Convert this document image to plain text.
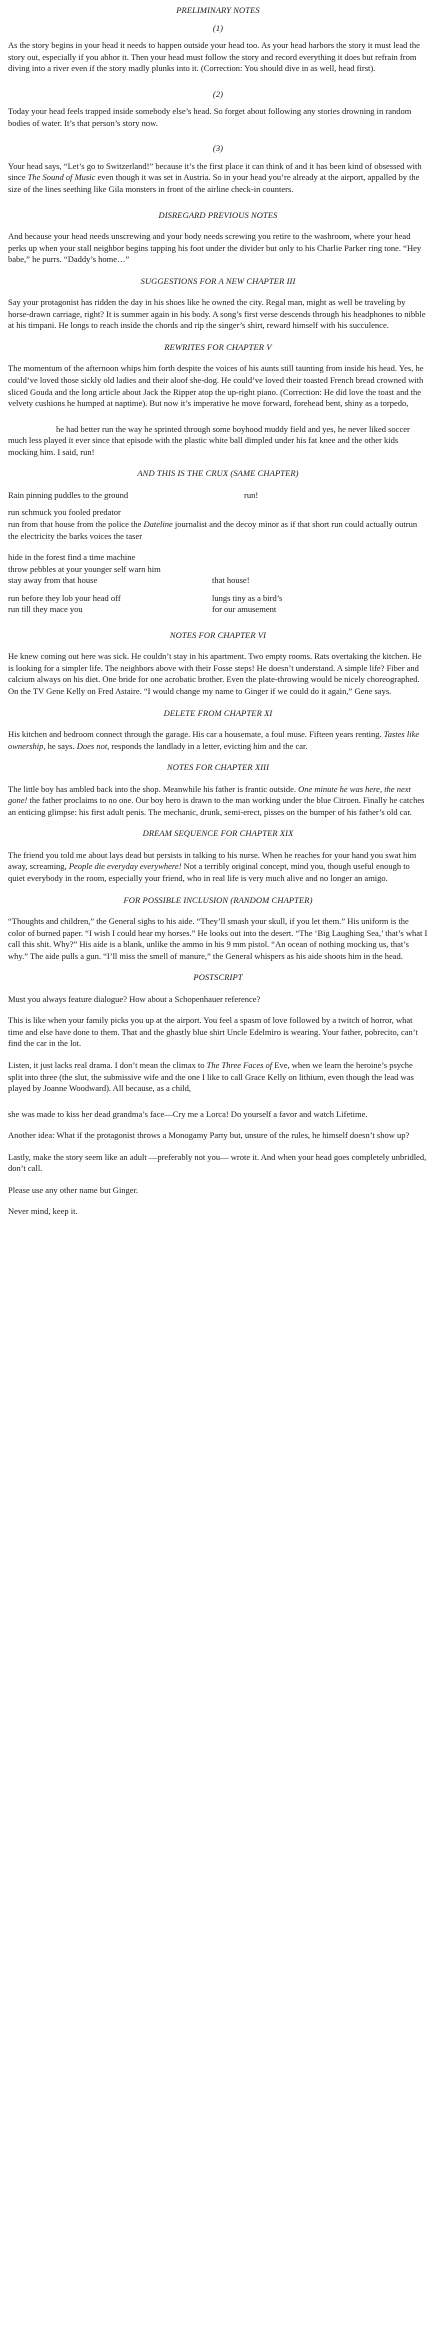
PRELIMINARY NOTES

(1)

As the story begins in your head it needs to happen outside your head too. As your head harbors the story it must lead the story out, especially if you abhor it. Then your head must follow the story and record everything it does but refrain from diving into a river even if the story madly plunks into it. (Correction: You should dive in as well, head first).

(2)

Today your head feels trapped inside somebody else’s head. So forget about following any stories drowning in random bodies of water. It’s that person’s story now.

(3)

Your head says, “Let’s go to Switzerland!” because it’s the first place it can think of and it has been kind of obsessed with since The Sound of Music even though it was set in Austria. So in your head you’re already at the airport, appalled by the size of the lines seething like Gila monsters in front of the airline check-in counters.

DISREGARD PREVIOUS NOTES

And because your head needs unscrewing and your body needs screwing you retire to the washroom, where your head perks up when your stall neighbor begins tapping his foot under the divider but only to his Charlie Parker ring tone. “Hey babe,” he purrs. “Daddy’s home…”

SUGGESTIONS FOR A NEW CHAPTER III

Say your protagonist has ridden the day in his shoes like he owned the city. Regal man, might as well be traveling by horse-drawn carriage, right? It is summer again in his body. A song’s first verse descends through his headphones to nibble at his timpani. He longs to reach inside the chords and rip the singer’s shirt, reward himself with his succulence.

REWRITES FOR CHAPTER V

The momentum of the afternoon whips him forth despite the voices of his aunts still taunting from inside his head. Yes, he could’ve loved those sickly old ladies and their aloof she-dog. He could’ve loved their toasted French bread crowned with sliced Gouda and the long article about Jack the Ripper atop the up-right piano. (Correction: He did love the toast and the velvety cushions he humped at naptime). But now it’s imperative he move forward, forehead bent, shiny as a torpedo,

he had better run the way he sprinted through some boyhood muddy field and yes, he never liked soccer much less played it ever since that episode with the plastic white ball dimpled under his fat knee and the other kids mocking him. I said, run!

AND THIS IS THE CRUX (SAME CHAPTER)

Rain pinning puddles to the ground	run!

run schmuck you fooled predator

run from that house from the police the Dateline journalist and the decoy minor as if that short run could actually outrun the electricity the barks voices the taser

hide in the forest find a time machine

throw pebbles at your younger self warn him

stay away from that house	that house!

run before they lob your head off	lungs tiny as a bird’s

run till they mace you	for our amusement

NOTES FOR CHAPTER VI

He knew coming out here was sick. He couldn’t stay in his apartment. Two empty rooms. Rats overtaking the kitchen. He is looking for a simpler life. The neighbors above with their Fosse steps! He doesn’t understand. A simple life? Fiber and calcium always on his diet. One bride for one acrobatic brother. Even the plate-throwing would be nicely choreographed. On the TV Gene Kelly on Fred Astaire. “I would change my name to Ginger if we could do it again,” Gene says.

DELETE FROM CHAPTER XI

His kitchen and bedroom connect through the garage. His car a housemate, a foul muse. Fifteen years renting. Tastes like ownership, he says. Does not, responds the landlady in a letter, evicting him and the car.

NOTES FOR CHAPTER XIII

The little boy has ambled back into the shop. Meanwhile his father is frantic outside. One minute he was here, the next gone! the father proclaims to no one. Our boy hero is drawn to the man working under the blue Citroen. Finally he catches an enticing glimpse: his first adult penis. The mechanic, drunk, semi-erect, pisses on the bumper of his father’s old car.

DREAM SEQUENCE FOR CHAPTER XIX

The friend you told me about lays dead but persists in talking to his nurse. When he reaches for your hand you swat him away, screaming, People die everyday everywhere! Not a terribly original concept, mind you, though useful enough to quiet everybody in the room, especially your friend, who in real life is very much alive and no longer an amigo.

FOR POSSIBLE INCLUSION (RANDOM CHAPTER)

“Thoughts and children,” the General sighs to his aide. “They’ll smash your skull, if you let them.” His uniform is the color of burned paper. “I wish I could hear my horses.” He looks out into the desert. “The ‘Big Laughing Sea,’ that’s what I call this shit. Why?” His aide is a blank, unlike the ammo in his 9 mm pistol. “An ocean of nothing mocking us, that’s why.” The aide pulls a gun. “I’ll miss the smell of manure,” the General whispers as his aide shoots him in the head.

POSTSCRIPT

Must you always feature dialogue? How about a Schopenhauer reference?

This is like when your family picks you up at the airport. You feel a spasm of love followed by a twitch of horror, what time and else have done to them. That and the ghastly blue shirt Uncle Edelmiro is wearing. Your father, pobrecito, can’t find the car in the lot.

Listen, it just lacks real drama. I don’t mean the climax to The Three Faces of Eve, when we learn the heroine’s psyche split into three (the slut, the submissive wife and the one I like to call Grace Kelly on lithium, even though the lead was played by Joanne Woodward). All because, as a child,

she was made to kiss her dead grandma’s face—Cry me a Lorca! Do yourself a favor and watch Lifetime.

Another idea: What if the protagonist throws a Monogamy Party but, unsure of the rules, he himself doesn’t show up?

Lastly, make the story seem like an adult —preferably not you— wrote it. And when your head goes completely unbridled, don’t call.

Please use any other name but Ginger.

Never mind, keep it.
